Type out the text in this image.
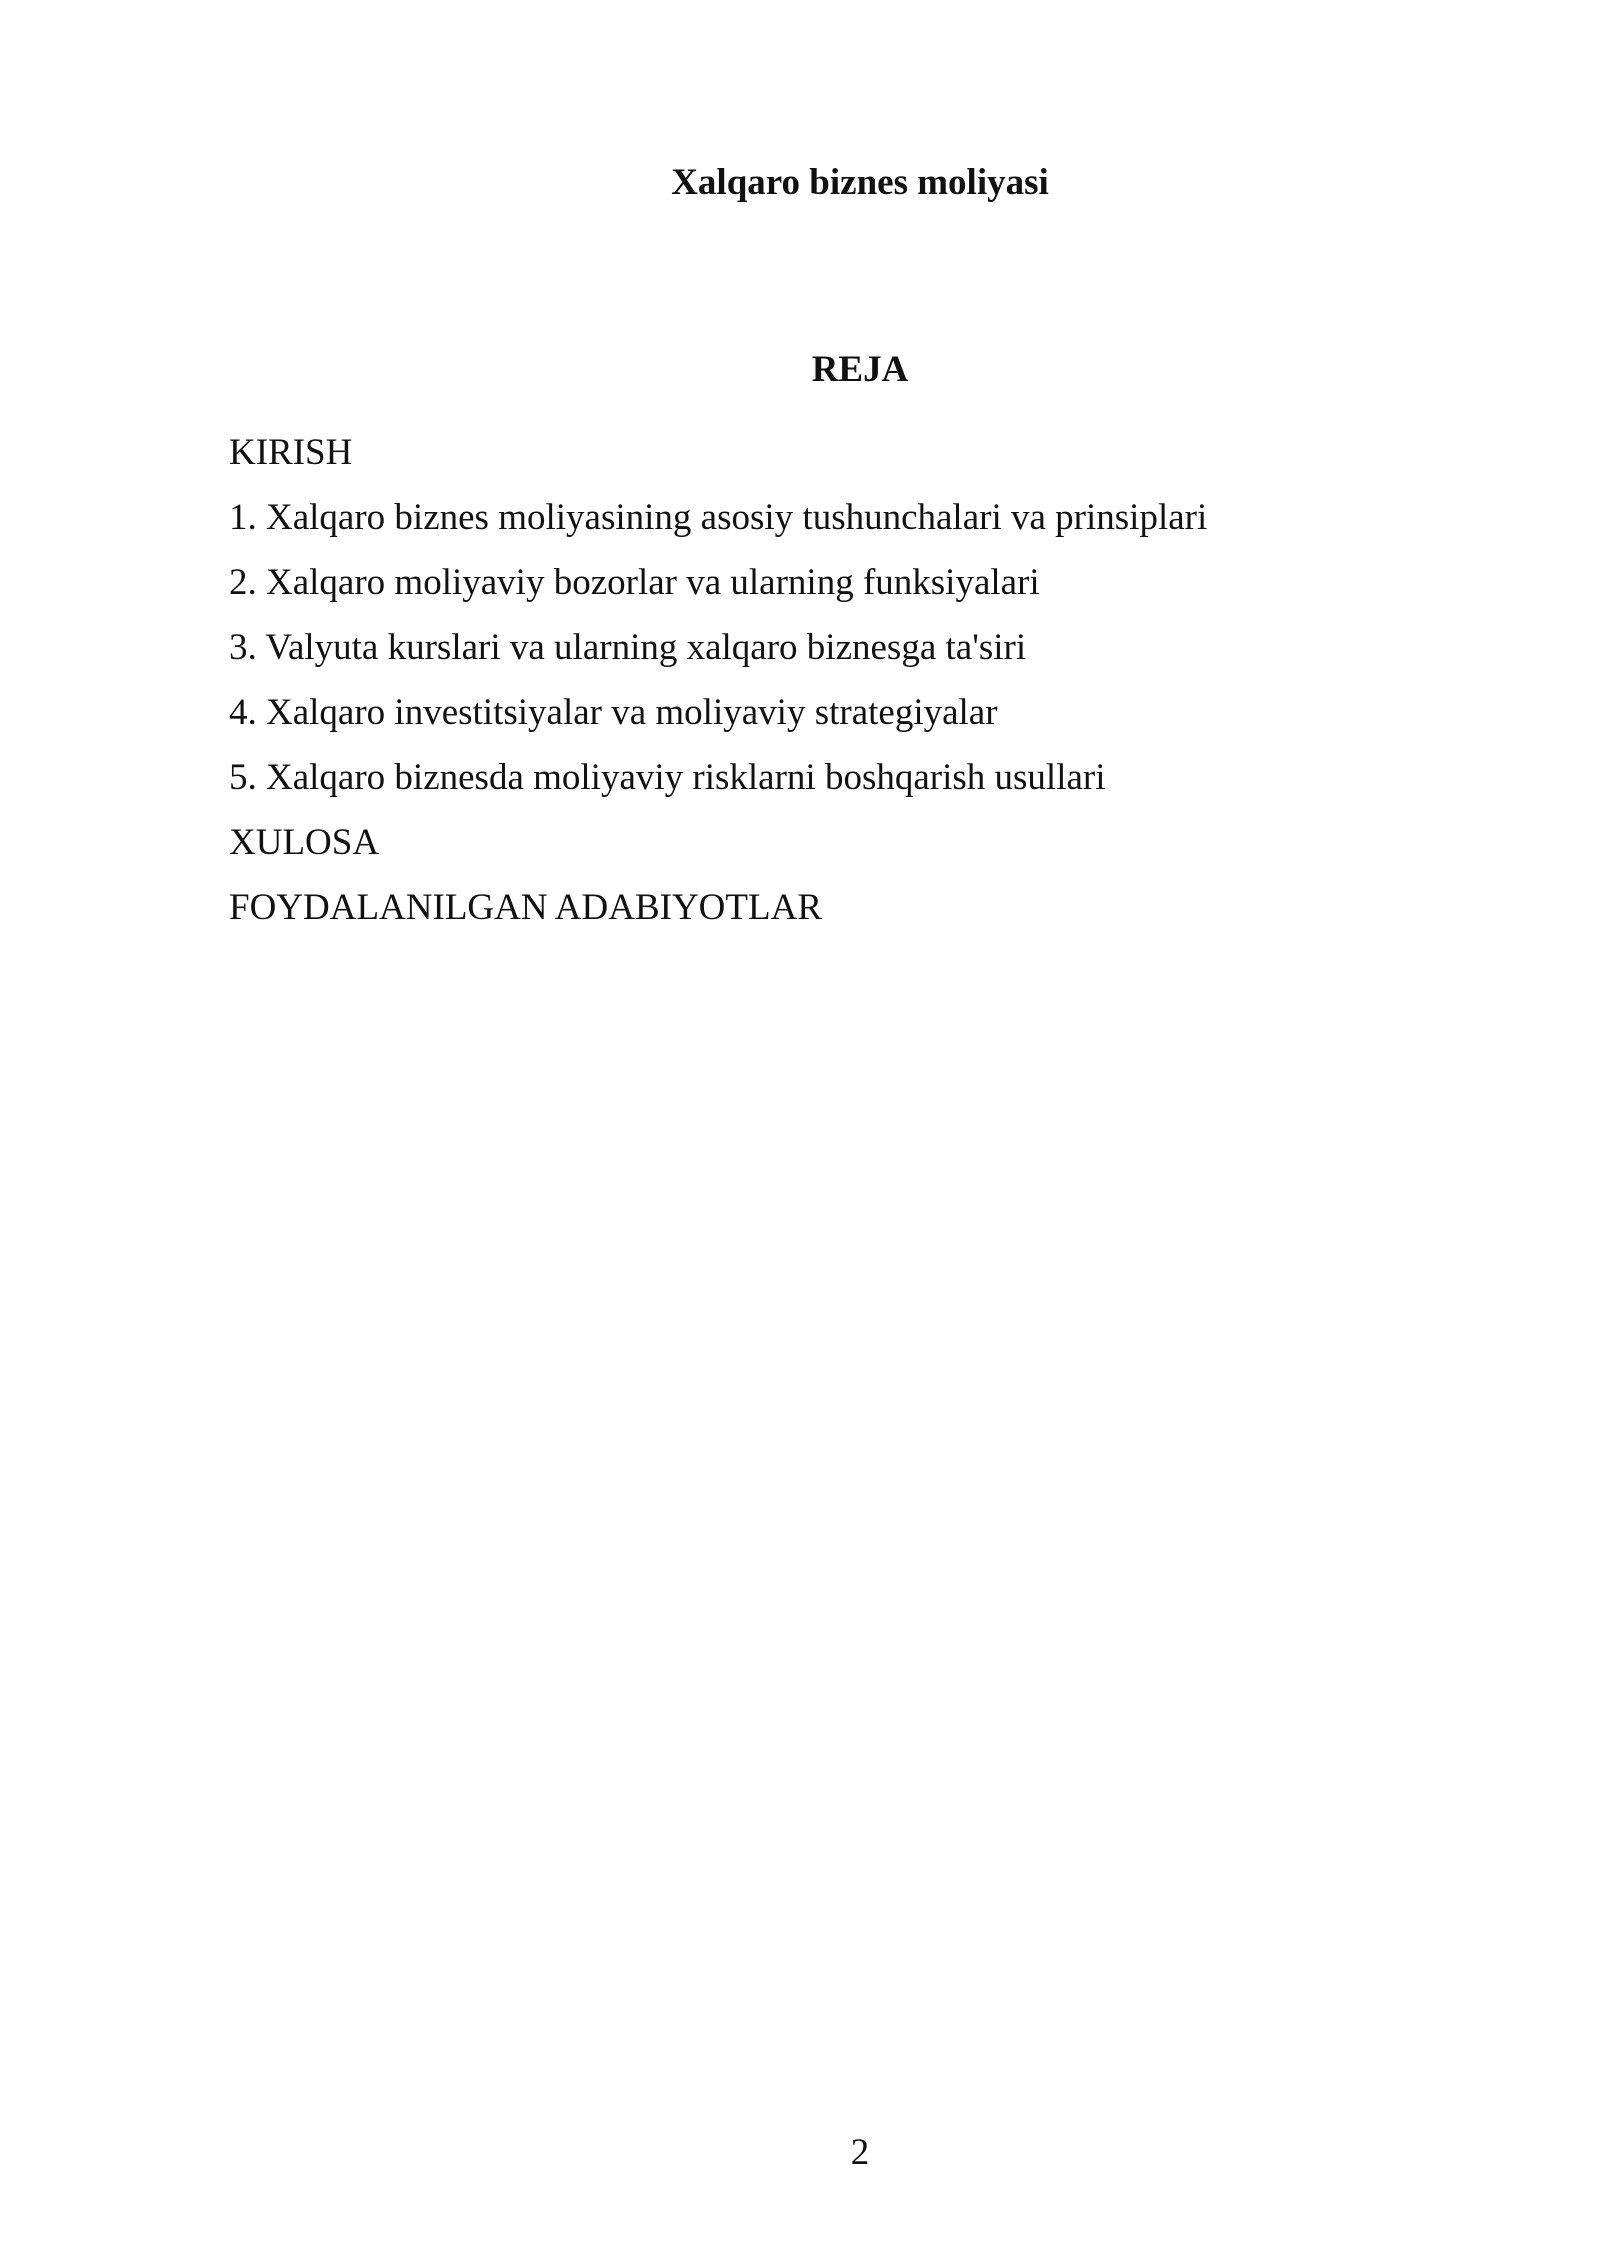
Xalqaro biznes moliyasi
REJA
KIRISH
1. Xalqaro biznes moliyasining asosiy tushunchalari va prinsiplari
2. Xalqaro moliyaviy bozorlar va ularning funksiyalari
3. Valyuta kurslari va ularning xalqaro biznesga ta'siri
4. Xalqaro investitsiyalar va moliyaviy strategiyalar
5. Xalqaro biznesda moliyaviy risklarni boshqarish usullari
XULOSA
FOYDALANILGAN ADABIYOTLAR
2
